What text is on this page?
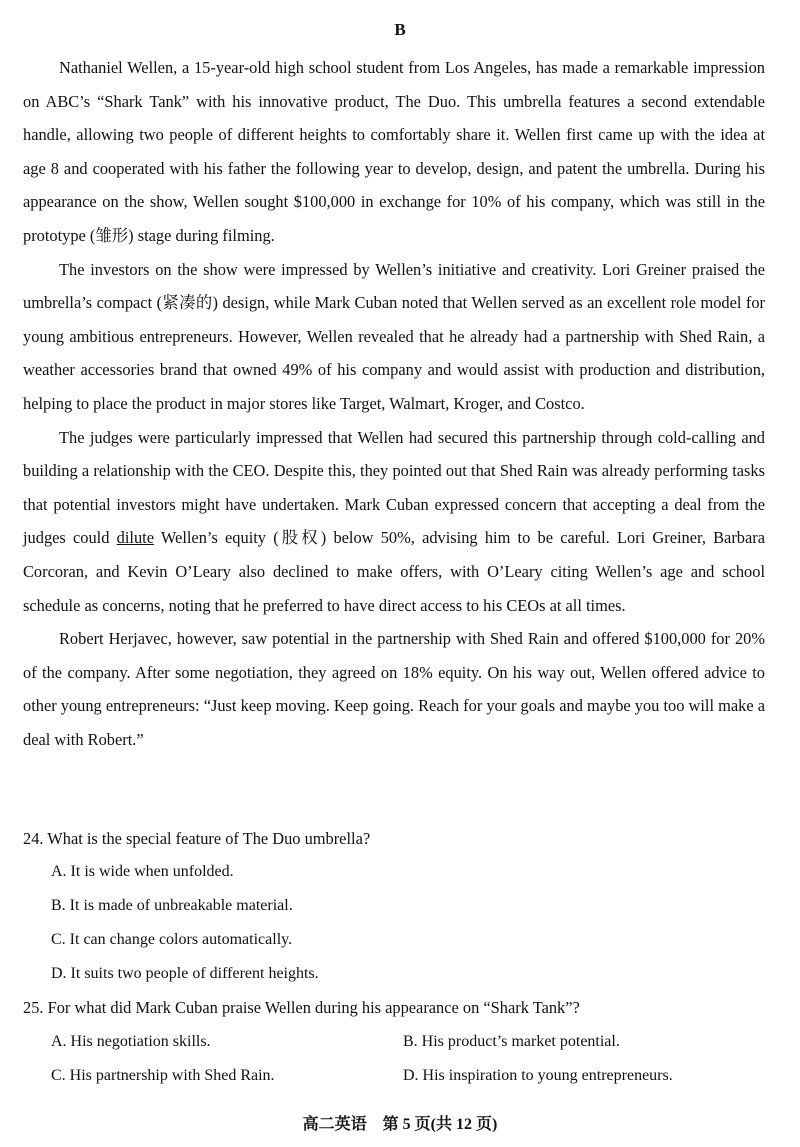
B

Nathaniel Wellen, a 15-year-old high school student from Los Angeles, has made a remarkable impression on ABC’s “Shark Tank” with his innovative product, The Duo. This umbrella features a second extendable handle, allowing two people of different heights to comfortably share it. Wellen first came up with the idea at age 8 and cooperated with his father the following year to develop, design, and patent the umbrella. During his appearance on the show, Wellen sought $100,000 in exchange for 10% of his company, which was still in the prototype (雏形) stage during filming.

The investors on the show were impressed by Wellen’s initiative and creativity. Lori Greiner praised the umbrella’s compact (紧凑的) design, while Mark Cuban noted that Wellen served as an excellent role model for young ambitious entrepreneurs. However, Wellen revealed that he already had a partnership with Shed Rain, a weather accessories brand that owned 49% of his company and would assist with production and distribution, helping to place the product in major stores like Target, Walmart, Kroger, and Costco.

The judges were particularly impressed that Wellen had secured this partnership through cold-calling and building a relationship with the CEO. Despite this, they pointed out that Shed Rain was already performing tasks that potential investors might have undertaken. Mark Cuban expressed concern that accepting a deal from the judges could dilute Wellen’s equity (股权) below 50%, advising him to be careful. Lori Greiner, Barbara Corcoran, and Kevin O’Leary also declined to make offers, with O’Leary citing Wellen’s age and school schedule as concerns, noting that he preferred to have direct access to his CEOs at all times.

Robert Herjavec, however, saw potential in the partnership with Shed Rain and offered $100,000 for 20% of the company. After some negotiation, they agreed on 18% equity. On his way out, Wellen offered advice to other young entrepreneurs: “Just keep moving. Keep going. Reach for your goals and maybe you too will make a deal with Robert.”

24. What is the special feature of The Duo umbrella?
A. It is wide when unfolded.
B. It is made of unbreakable material.
C. It can change colors automatically.
D. It suits two people of different heights.
25. For what did Mark Cuban praise Wellen during his appearance on “Shark Tank”?
A. His negotiation skills.	B. His product’s market potential.
C. His partnership with Shed Rain.	D. His inspiration to young entrepreneurs.
高二英语　第 5 页(共 12 页)
